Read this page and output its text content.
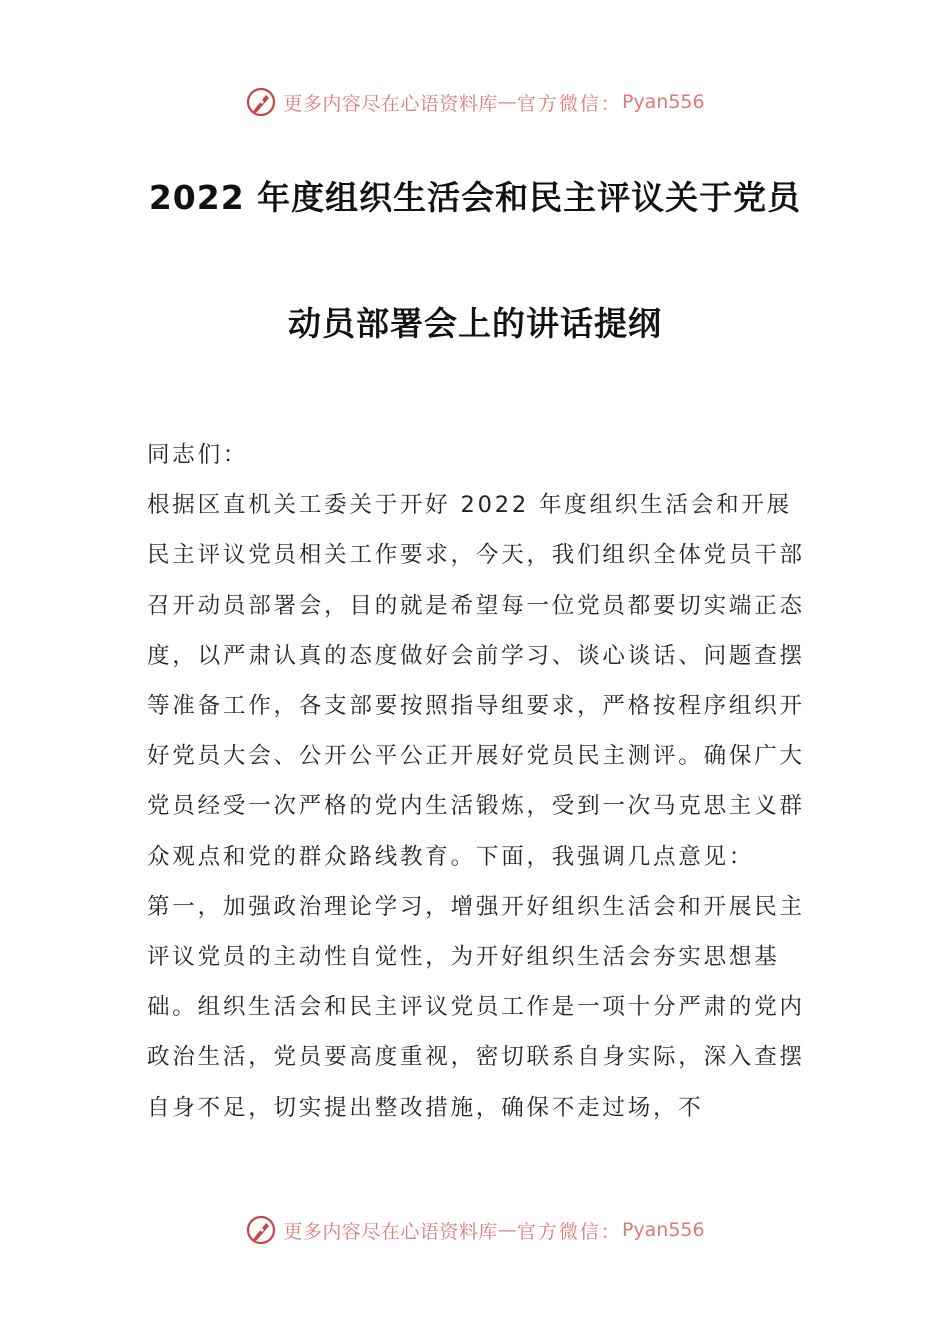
更多内容尽在心语资料库 — 官方微信： Pyan556
2022 年度组织生活会和民主评议关于党员
动员部署会上的讲话提纲

同志们：

根据区直机关工委关于开好 2022 年度组织生活会和开展民主评议党员相关工作要求，今天，我们组织全体党员干部召开动员部署会，目的就是希望每一位党员都要切实端正态度，以严肃认真的态度做好会前学习、谈心谈话、问题查摆等准备工作，各支部要按照指导组要求，严格按程序组织开好党员大会、公开公平公正开展好党员民主测评。确保广大党员经受一次严格的党内生活锻炼，受到一次马克思主义群众观点和党的群众路线教育。下面，我强调几点意见：

第一，加强政治理论学习，增强开好组织生活会和开展民主评议党员的主动性自觉性，为开好组织生活会夯实思想基础。组织生活会和民主评议党员工作是一项十分严肃的党内政治生活，党员要高度重视，密切联系自身实际，深入查摆自身不足，切实提出整改措施，确保不走过场，不

更多内容尽在心语资料库 — 官方微信： Pyan556
